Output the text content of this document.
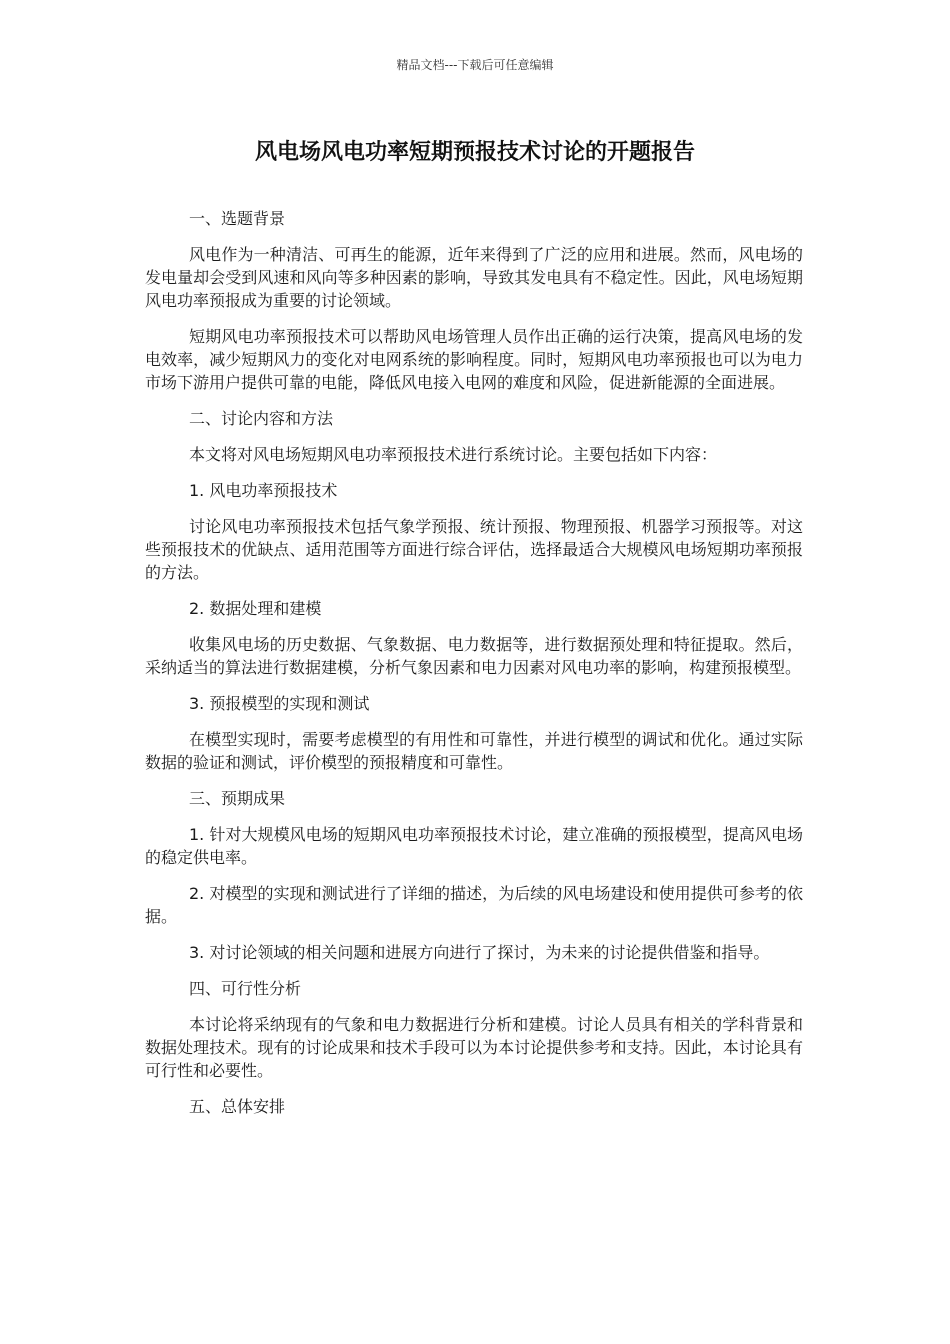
精品文档---下载后可任意编辑
风电场风电功率短期预报技术讨论的开题报告

一、选题背景

风电作为一种清洁、可再生的能源，近年来得到了广泛的应用和进展。然而，风电场的发电量却会受到风速和风向等多种因素的影响，导致其发电具有不稳定性。因此，风电场短期风电功率预报成为重要的讨论领域。

短期风电功率预报技术可以帮助风电场管理人员作出正确的运行决策，提高风电场的发电效率，减少短期风力的变化对电网系统的影响程度。同时，短期风电功率预报也可以为电力市场下游用户提供可靠的电能，降低风电接入电网的难度和风险，促进新能源的全面进展。

二、讨论内容和方法

本文将对风电场短期风电功率预报技术进行系统讨论。主要包括如下内容：

1. 风电功率预报技术

讨论风电功率预报技术包括气象学预报、统计预报、物理预报、机器学习预报等。对这些预报技术的优缺点、适用范围等方面进行综合评估，选择最适合大规模风电场短期功率预报的方法。

2. 数据处理和建模

收集风电场的历史数据、气象数据、电力数据等，进行数据预处理和特征提取。然后，采纳适当的算法进行数据建模，分析气象因素和电力因素对风电功率的影响，构建预报模型。

3. 预报模型的实现和测试

在模型实现时，需要考虑模型的有用性和可靠性，并进行模型的调试和优化。通过实际数据的验证和测试，评价模型的预报精度和可靠性。

三、预期成果

1. 针对大规模风电场的短期风电功率预报技术讨论，建立准确的预报模型，提高风电场的稳定供电率。

2. 对模型的实现和测试进行了详细的描述，为后续的风电场建设和使用提供可参考的依据。

3. 对讨论领域的相关问题和进展方向进行了探讨，为未来的讨论提供借鉴和指导。

四、可行性分析

本讨论将采纳现有的气象和电力数据进行分析和建模。讨论人员具有相关的学科背景和数据处理技术。现有的讨论成果和技术手段可以为本讨论提供参考和支持。因此，本讨论具有可行性和必要性。

五、总体安排
